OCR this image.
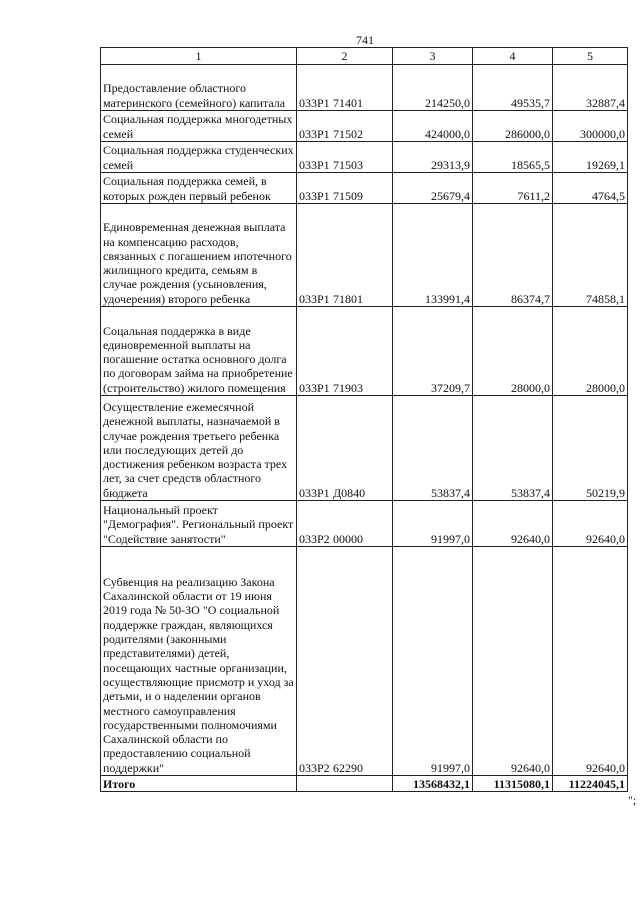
741
1	2	3	4	5
Предоставление областного материнского (семейного) капитала	033P1 71401	214250,0	49535,7	32887,4
Социальная поддержка многодетных семей	033P1 71502	424000,0	286000,0	300000,0
Социальная поддержка студенческих семей	033P1 71503	29313,9	18565,5	19269,1
Социальная поддержка семей, в которых рожден первый ребенок	033P1 71509	25679,4	7611,2	4764,5
Единовременная денежная выплата на компенсацию расходов, связанных с погашением ипотечного жилищного кредита, семьям в случае рождения (усыновления, удочерения) второго ребенка	033P1 71801	133991,4	86374,7	74858,1
Соцальная поддержка в виде единовременной выплаты на погашение остатка основного долга по договорам займа на приобретение (строительство) жилого помещения	033P1 71903	37209,7	28000,0	28000,0
Осуществление ежемесячной денежной выплаты, назначаемой в случае рождения третьего ребенка или последующих детей до достижения ребенком возраста трех лет, за счет средств областного бюджета	033P1 Д0840	53837,4	53837,4	50219,9
Национальный проект "Демография". Региональный проект "Содействие занятости"	033P2 00000	91997,0	92640,0	92640,0
Субвенция на реализацию Закона Сахалинской области от 19 июня 2019 года № 50-ЗО "О социальной поддержке граждан, являющихся родителями (законными представителями) детей, посещающих частные организации, осуществляющие присмотр и уход за детьми, и о наделении органов местного самоуправления государственными полномочиями Сахалинской области по предоставлению социальной поддержки"	033P2 62290	91997,0	92640,0	92640,0
Итого		13568432,1	11315080,1	11224045,1
";
